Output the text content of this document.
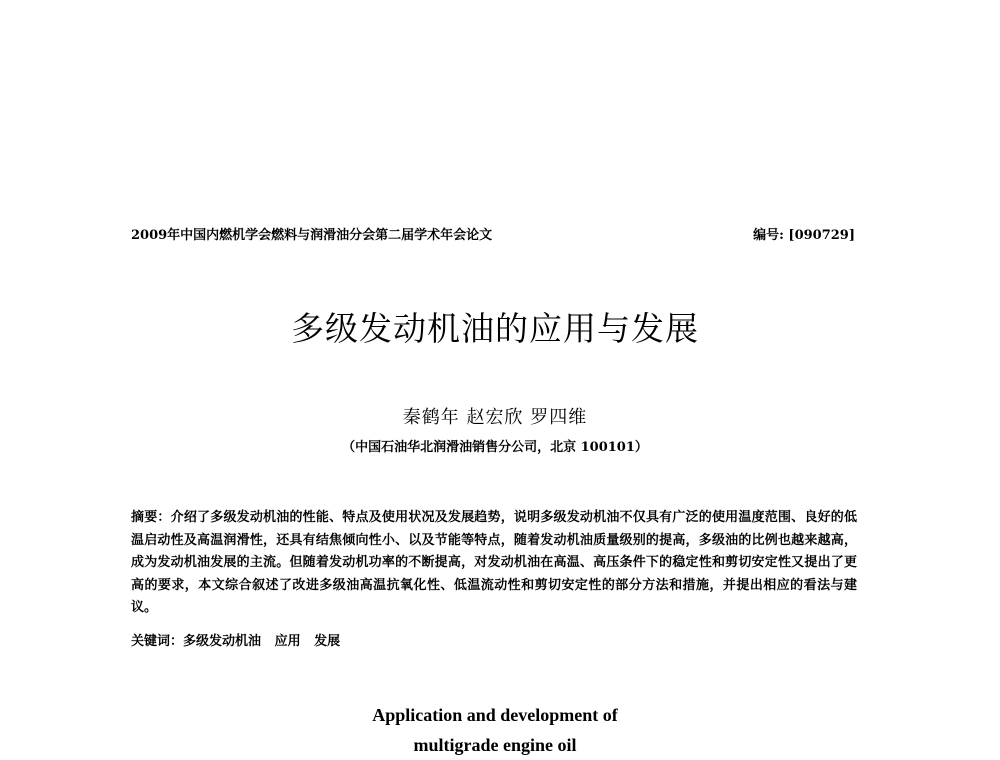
2009年中国内燃机学会燃料与润滑油分会第二届学术年会论文	编号: [090729]
多级发动机油的应用与发展
秦鹤年 赵宏欣 罗四维
（中国石油华北润滑油销售分公司，北京 100101）
摘要：介绍了多级发动机油的性能、特点及使用状况及发展趋势，说明多级发动机油不仅具有广泛的使用温度范围、良好的低温启动性及高温润滑性，还具有结焦倾向性小、以及节能等特点，随着发动机油质量级别的提高，多级油的比例也越来越高，成为发动机油发展的主流。但随着发动机功率的不断提高，对发动机油在高温、高压条件下的稳定性和剪切安定性又提出了更高的要求，本文综合叙述了改进多级油高温抗氧化性、低温流动性和剪切安定性的部分方法和措施，并提出相应的看法与建议。
关键词：多级发动机油   应用   发展
Application and development of
multigrade engine oil
